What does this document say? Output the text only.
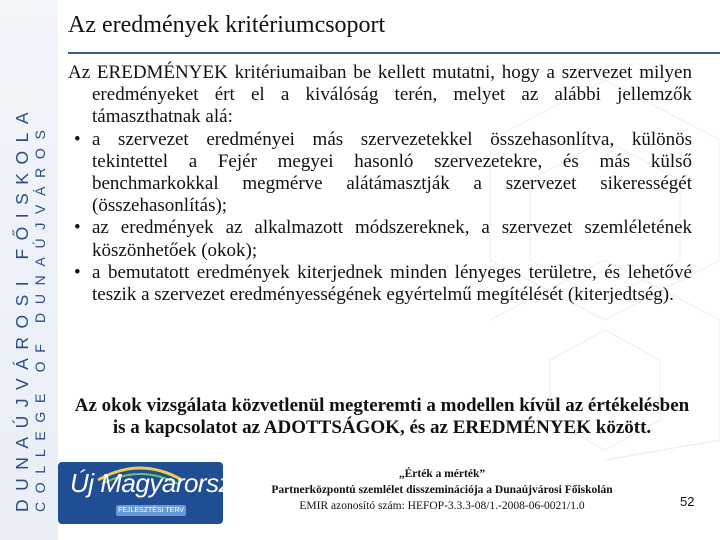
DUNAÚJVÁROSI FŐISKOLA COLLEGE OF DUNAÚJVÁROS
Az eredmények kritériumcsoport

Az EREDMÉNYEK kritériumaiban be kellett mutatni, hogy a szervezet milyen eredményeket ért el a kiválóság terén, melyet az alábbi jellemzők támaszthatnak alá:

• a szervezet eredményei más szervezetekkel összehasonlítva, különös tekintettel a Fejér megyei hasonló szervezetekre, és más külső benchmarkokkal megmérve alátámasztják a szervezet sikerességét (összehasonlítás);
• az eredmények az alkalmazott módszereknek, a szervezet szemléletének köszönhetőek (okok);
• a bemutatott eredmények kiterjednek minden lényeges területre, és lehetővé teszik a szervezet eredményességének egyértelmű megítélését (kiterjedtség).
Az okok vizsgálata közvetlenül megteremti a modellen kívül az értékelésben is a kapcsolatot az ADOTTSÁGOK, és az EREDMÉNYEK között.
Új Magyarország
FEJLESZTÉSI TERV
„Érték a mérték”
Partnerközpontú szemlélet disszeminációja a Dunaújvárosi Főiskolán
EMIR azonosító szám: HEFOP-3.3.3-08/1.-2008-06-0021/1.0	52
